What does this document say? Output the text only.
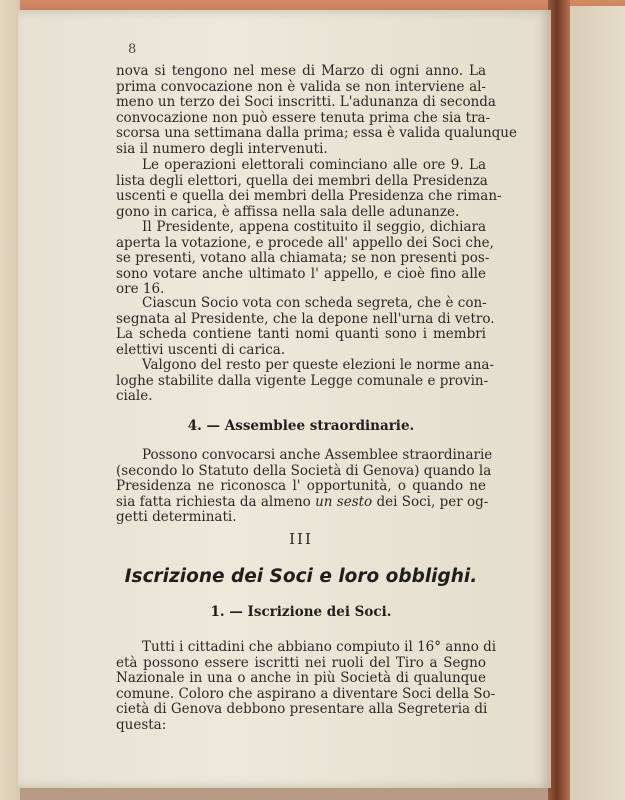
8
nova si tengono nel mese di Marzo di ogni anno. La
prima convocazione non è valida se non interviene al-
meno un terzo dei Soci inscritti. L'adunanza di seconda
convocazione non può essere tenuta prima che sia tra-
scorsa una settimana dalla prima; essa è valida qualunque
sia il numero degli intervenuti.
Le operazioni elettorali cominciano alle ore 9. La
lista degli elettori, quella dei membri della Presidenza
uscenti e quella dei membri della Presidenza che riman-
gono in carica, è affissa nella sala delle adunanze.
Il Presidente, appena costituito il seggio, dichiara
aperta la votazione, e procede all' appello dei Soci che,
se presenti, votano alla chiamata; se non presenti pos-
sono votare anche ultimato l' appello, e cioè fino alle
ore 16.
Ciascun Socio vota con scheda segreta, che è con-
segnata al Presidente, che la depone nell'urna di vetro.
La scheda contiene tanti nomi quanti sono i membri
elettivi uscenti di carica.
Valgono del resto per queste elezioni le norme ana-
loghe stabilite dalla vigente Legge comunale e provin-
ciale.
4. — Assemblee straordinarie.
Possono convocarsi anche Assemblee straordinarie
(secondo lo Statuto della Società di Genova) quando la
Presidenza ne riconosca l' opportunità, o quando ne
sia fatta richiesta da almeno un sesto dei Soci, per og-
getti determinati.
III
Iscrizione dei Soci e loro obblighi.
1. — Iscrizione dei Soci.
Tutti i cittadini che abbiano compiuto il 16° anno di
età possono essere iscritti nei ruoli del Tiro a Segno
Nazionale in una o anche in più Società di qualunque
comune. Coloro che aspirano a diventare Soci della So-
cietà di Genova debbono presentare alla Segreteria di
questa:
